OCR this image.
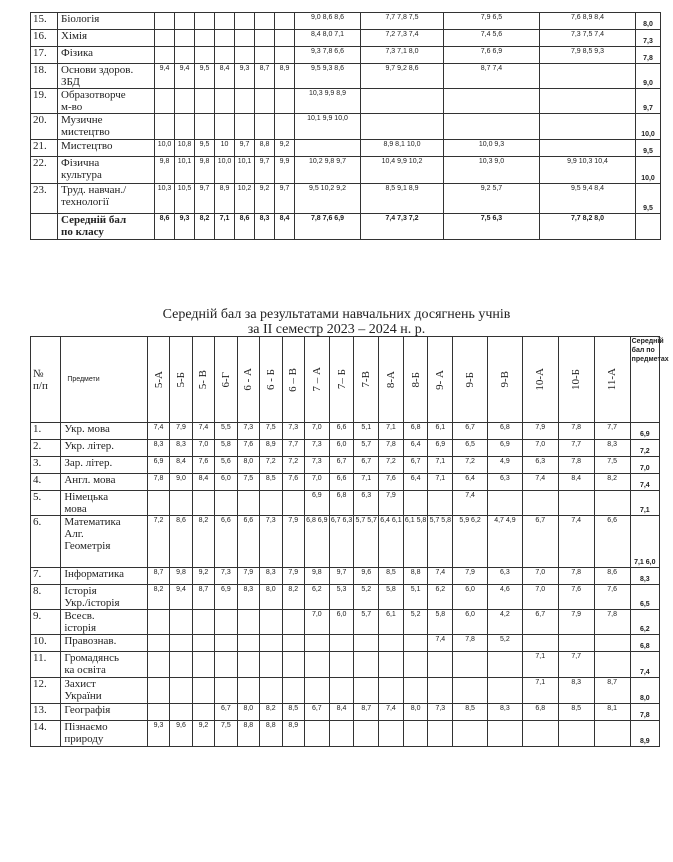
15.	Біологія								9,0 8,6 8,6	7,7 7,8 7,5	7,9 6,5	7,6 8,9 8,4	8,0
16.	Хімія								8,4 8,0 7,1	7,2 7,3 7,4	7,4 5,6	7,3 7,5 7,4	7,3
17.	Фізика								9,3 7,8 6,6	7,3 7,1 8,0	7,6 6,9	7,9 8,5 9,3	7,8
18.	Основи здоров.
ЗБД	9,4	9,4	9,5	8,4	9,3	8,7	8,9	9,5 9,3 8,6	9,7 9,2 8,6	8,7 7,4		9,0
19.	Образотворче
м-во								10,3 9,9 8,9				9,7
20.	Музичне
мистецтво								10,1 9,9 10,0				10,0
21.	Мистецтво	10,0	10,8	9,5	10	9,7	8,8	9,2		8,9 8,1 10,0	10,0 9,3		9,5
22.	Фізична
культура	9,8	10,1	9,8	10,0	10,1	9,7	9,9	10,2 9,8 9,7	10,4 9,9 10,2	10,3 9,0	9,9 10,3 10,4	10,0
23.	Труд. навчан./
технології	10,3	10,5	9,7	8,9	10,2	9,2	9,7	9,5 10,2 9,2	8,5 9,1 8,9	9,2 5,7	9,5 9,4 8,4	9,5
	Середній бал
по класу	8,6	9,3	8,2	7,1	8,6	8,3	8,4	7,8 7,6 6,9	7,4 7,3 7,2	7,5 6,3	7,7 8,2 8,0	
Середній бал за результатами навчальних досягнень учнів
за ІІ семестр 2023 – 2024 н. р.
№
п/п	Предмети	5-А	5-Б	5- В	6-Г	6 - А	6 - Б	6 – В	7 – А	7– Б	7-В	8-А	8-Б	9- А	9-Б	9-В	10-А	10-Б	11-А	Середній бал по предметах
1.	Укр. мова	7,4	7,9	7,4	5,5	7,3	7,5	7,3	7,0	6,6	5,1	7,1	6,8	6,1	6,7	6,8	7,9	7,8	7,7	6,9
2.	Укр. літер.	8,3	8,3	7,0	5,8	7,6	8,9	7,7	7,3	6,0	5,7	7,8	6,4	6,9	6,5	6,9	7,0	7,7	8,3	7,2
3.	Зар. літер.	6,9	8,4	7,6	5,6	8,0	7,2	7,2	7,3	6,7	6,7	7,2	6,7	7,1	7,2	4,9	6,3	7,8	7,5	7,0
4.	Англ. мова	7,8	9,0	8,4	6,0	7,5	8,5	7,6	7,0	6,6	7,1	7,6	6,4	7,1	6,4	6,3	7,4	8,4	8,2	7,4
5.	Німецька
мова								6,9	6,8	6,3	7,9			7,4					7,1
6.	Математика
Алг.
Геометрія	7,2	8,6	8,2	6,6	6,6	7,3	7,9	6,8 6,9	6,7 6,3	5,7 5,7	6,4 6,1	6,1 5,8	5,7 5,8	5,9 6,2	4,7 4,9	6,7	7,4	6,6	7,1 6,0
7.	Інформатика	8,7	9,8	9,2	7,3	7,9	8,3	7,9	9,8	9,7	9,6	8,5	8,8	7,4	7,9	6,3	7,0	7,8	8,6	8,3
8.	Історія
Укр./історія	8,2	9,4	8,7	6,9	8,3	8,0	8,2	6,2	5,3	5,2	5,8	5,1	6,2	6,0	4,6	7,0	7,6	7,6	6,5
9.	Всесв.
історія								7,0	6,0	5,7	6,1	5,2	5,8	6,0	4,2	6,7	7,9	7,8	6,2
10.	Правознав.													7,4	7,8	5,2				6,8
11.	Громадянсь
ка освіта																7,1	7,7		7,4
12.	Захист
України																7,1	8,3	8,7	8,0
13.	Географія				6,7	8,0	8,2	8,5	6,7	8,4	8,7	7,4	8,0	7,3	8,5	8,3	6,8	8,5	8,1	7,8
14.	Пізнаємо
природу	9,3	9,6	9,2	7,5	8,8	8,8	8,9												8,9
